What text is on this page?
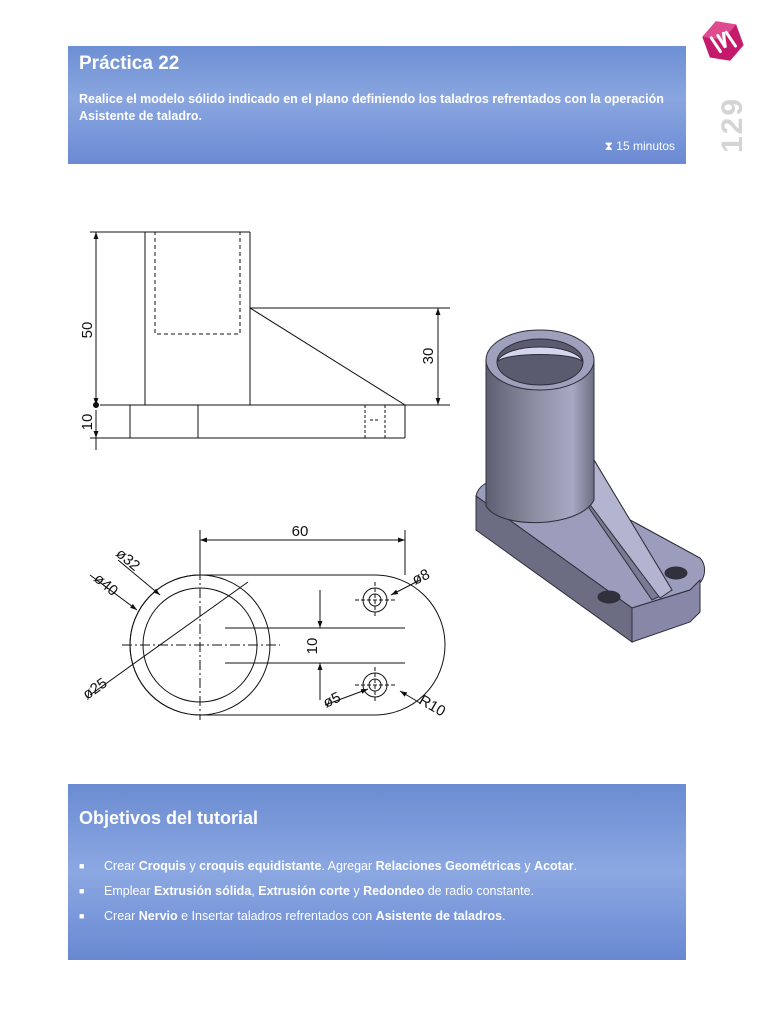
Práctica 22

Realice el modelo sólido indicado en el plano definiendo los taladros refrentados con la operación Asistente de taladro.

⧗ 15 minutos 129
50
10
30
60
ø32
ø40	ø8
10
ø25	ø5	R10
Objetivos del tutorial
■ Crear Croquis y croquis equidistante. Agregar Relaciones Geométricas y Acotar.
■ Emplear Extrusión sólida, Extrusión corte y Redondeo de radio constante.
■ Crear Nervio e Insertar taladros refrentados con Asistente de taladros.
